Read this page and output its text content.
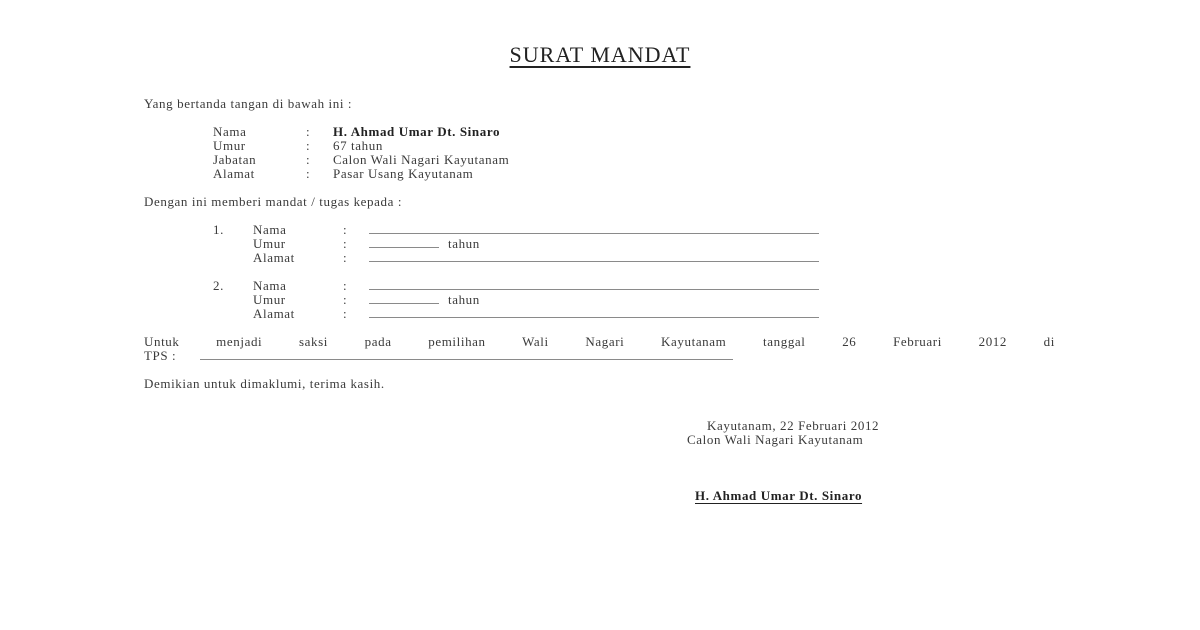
SURAT MANDAT
Yang bertanda tangan di bawah ini :
Nama	: H. Ahmad Umar Dt. Sinaro
Umur	: 67 tahun
Jabatan	: Calon Wali Nagari Kayutanam
Alamat	: Pasar Usang Kayutanam
Dengan ini memberi mandat / tugas kepada :
1. Nama	:
Umur	:	tahun
Alamat	:
2. Nama	:
Umur	:	tahun
Alamat	:
Untuk menjadi saksi pada pemilihan Wali Nagari Kayutanam tanggal 26 Februari 2012 di
TPS :
Demikian untuk dimaklumi, terima kasih.
Kayutanam, 22 Februari 2012
Calon Wali Nagari Kayutanam
H. Ahmad Umar Dt. Sinaro
